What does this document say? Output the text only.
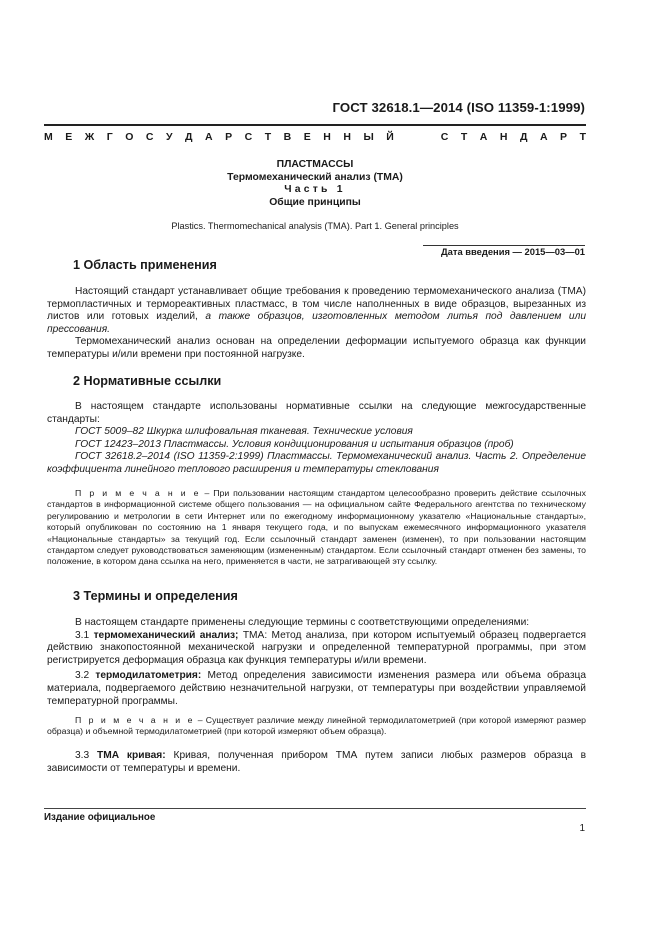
ГОСТ 32618.1—2014 (ISO 11359-1:1999)
М Е Ж Г О С У Д А Р С Т В Е Н Н Ы Й	С Т А Н Д А Р Т
ПЛАСТМАССЫ
Термомеханический анализ (ТМА)
Часть 1
Общие принципы
Plastics. Thermomechanical analysis (TMA). Part 1. General principles
Дата введения — 2015—03—01
1 Область применения

Настоящий стандарт устанавливает общие требования к проведению термомеханического анализа (ТМА) термопластичных и термореактивных пластмасс, в том числе наполненных в виде образцов, вырезанных из листов или готовых изделий, а также образцов, изготовленных методом литья под давлением или прессования.

Термомеханический анализ основан на определении деформации испытуемого образца как функции температуры и/или времени при постоянной нагрузке.

2 Нормативные ссылки

В настоящем стандарте использованы нормативные ссылки на следующие межгосударственные стандарты:

ГОСТ 5009–82 Шкурка шлифовальная тканевая. Технические условия

ГОСТ 12423–2013 Пластмассы. Условия кондиционирования и испытания образцов (проб)

ГОСТ 32618.2–2014 (ISO 11359-2:1999) Пластмассы. Термомеханический анализ. Часть 2. Определение коэффициента линейного теплового расширения и температуры стеклования

П р и м е ч а н и е – При пользовании настоящим стандартом целесообразно проверить действие ссылочных стандартов в информационной системе общего пользования — на официальном сайте Федерального агентства по техническому регулированию и метрологии в сети Интернет или по ежегодному информационному указателю «Национальные стандарты», который опубликован по состоянию на 1 января текущего года, и по выпускам ежемесячного информационного указателя «Национальные стандарты» за текущий год. Если ссылочный стандарт заменен (изменен), то при пользовании настоящим стандартом следует руководствоваться заменяющим (измененным) стандартом. Если ссылочный стандарт отменен без замены, то положение, в котором дана ссылка на него, применяется в части, не затрагивающей эту ссылку.

3 Термины и определения

В настоящем стандарте применены следующие термины с соответствующими определениями:

3.1 термомеханический анализ; ТМА: Метод анализа, при котором испытуемый образец подвергается действию знакопостоянной механической нагрузки и определенной температурной программы, при этом регистрируется деформация образца как функция температуры и/или времени.

3.2 термодилатометрия: Метод определения зависимости изменения размера или объема образца материала, подвергаемого действию незначительной нагрузки, от температуры при воздействии управляемой температурной программы.

П р и м е ч а н и е – Существует различие между линейной термодилатометрией (при которой измеряют размер образца) и объемной термодилатометрией (при которой измеряют объем образца).

3.3 ТМА кривая: Кривая, полученная прибором ТМА путем записи любых размеров образца в зависимости от температуры и времени.

Издание официальное
1
